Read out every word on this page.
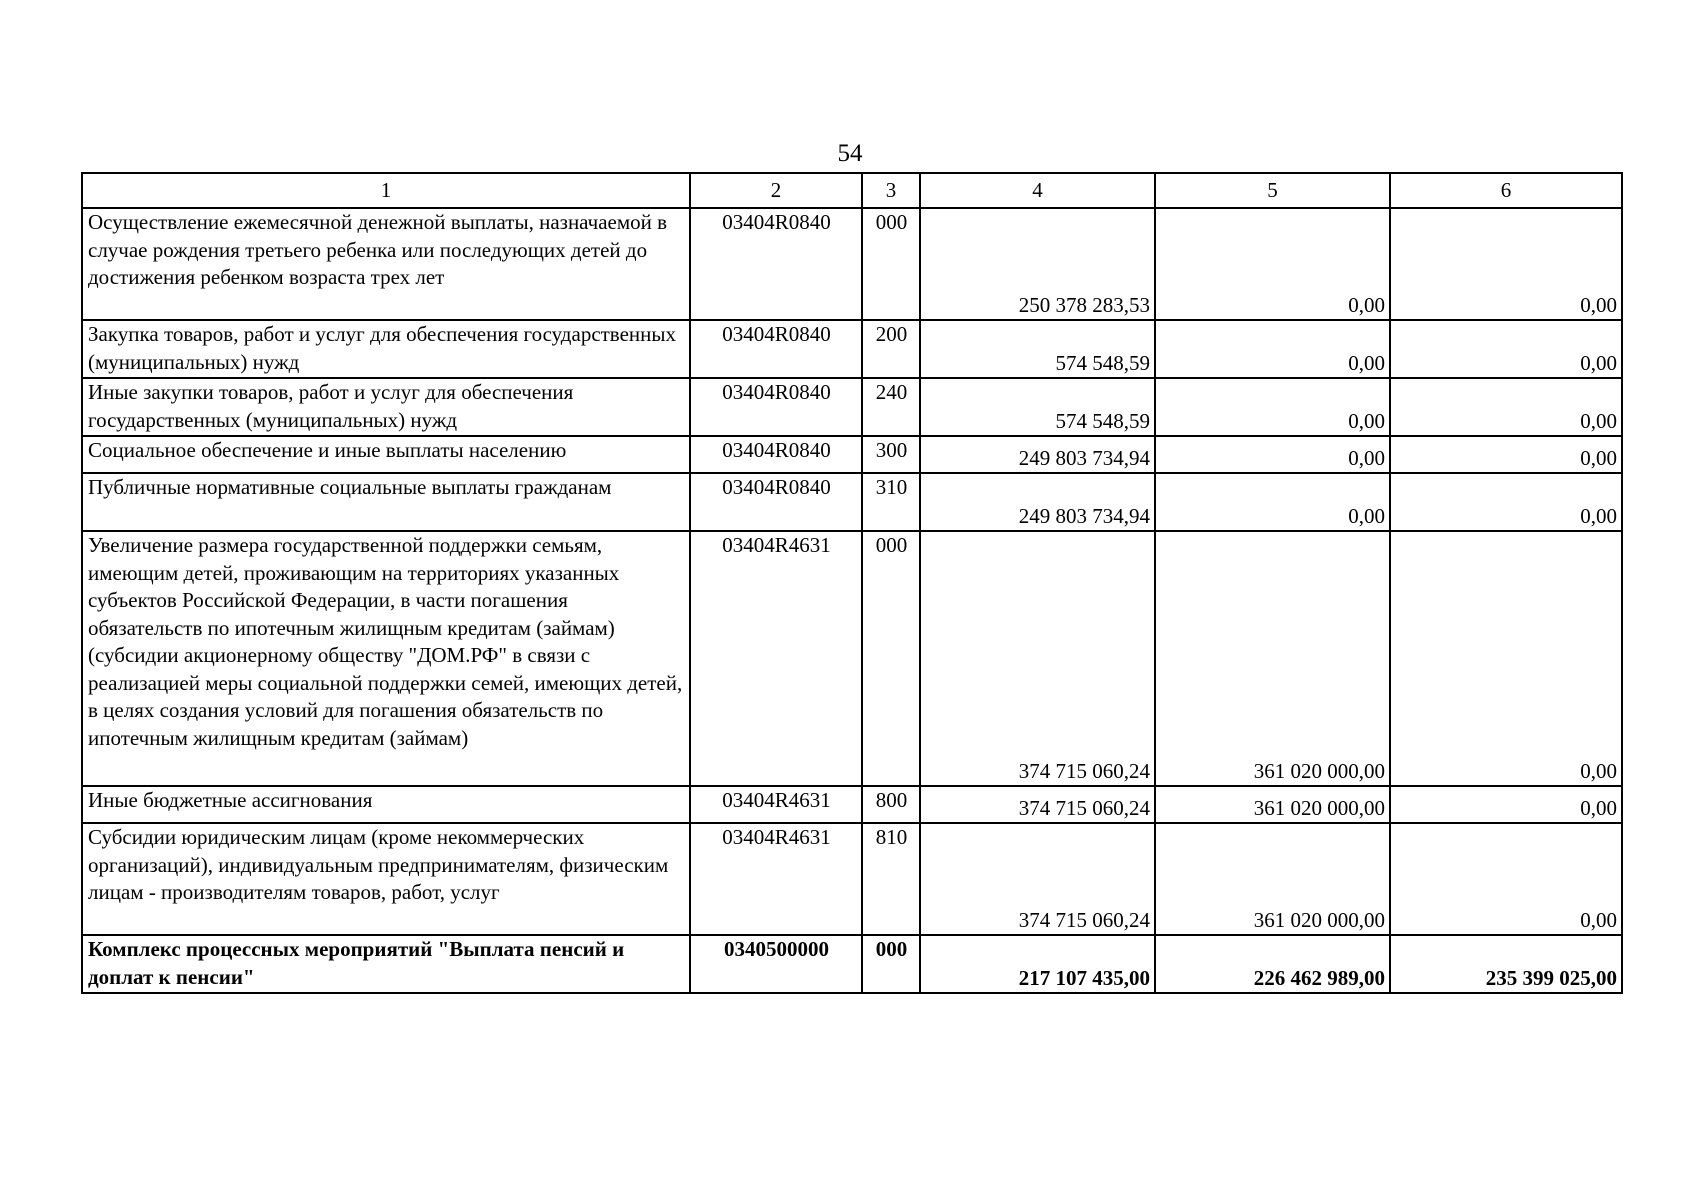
54
1	2	3	4	5	6
Осуществление ежемесячной денежной выплаты, назначаемой в случае рождения третьего ребенка или последующих детей до достижения ребенком возраста трех лет	03404R0840	000	250 378 283,53	0,00	0,00
Закупка товаров, работ и услуг для обеспечения государственных (муниципальных) нужд	03404R0840	200	574 548,59	0,00	0,00
Иные закупки товаров, работ и услуг для обеспечения государственных (муниципальных) нужд	03404R0840	240	574 548,59	0,00	0,00
Социальное обеспечение и иные выплаты населению	03404R0840	300	249 803 734,94	0,00	0,00
Публичные нормативные социальные выплаты гражданам	03404R0840	310	249 803 734,94	0,00	0,00
Увеличение размера государственной поддержки семьям, имеющим детей, проживающим на территориях указанных субъектов Российской Федерации, в части погашения обязательств по ипотечным жилищным кредитам (займам) (субсидии акционерному обществу "ДОМ.РФ" в связи с реализацией меры социальной поддержки семей, имеющих детей, в целях создания условий для погашения обязательств по ипотечным жилищным кредитам (займам)	03404R4631	000	374 715 060,24	361 020 000,00	0,00
Иные бюджетные ассигнования	03404R4631	800	374 715 060,24	361 020 000,00	0,00
Субсидии юридическим лицам (кроме некоммерческих организаций), индивидуальным предпринимателям, физическим лицам - производителям товаров, работ, услуг	03404R4631	810	374 715 060,24	361 020 000,00	0,00
Комплекс процессных мероприятий "Выплата пенсий и доплат к пенсии"	0340500000	000	217 107 435,00	226 462 989,00	235 399 025,00
